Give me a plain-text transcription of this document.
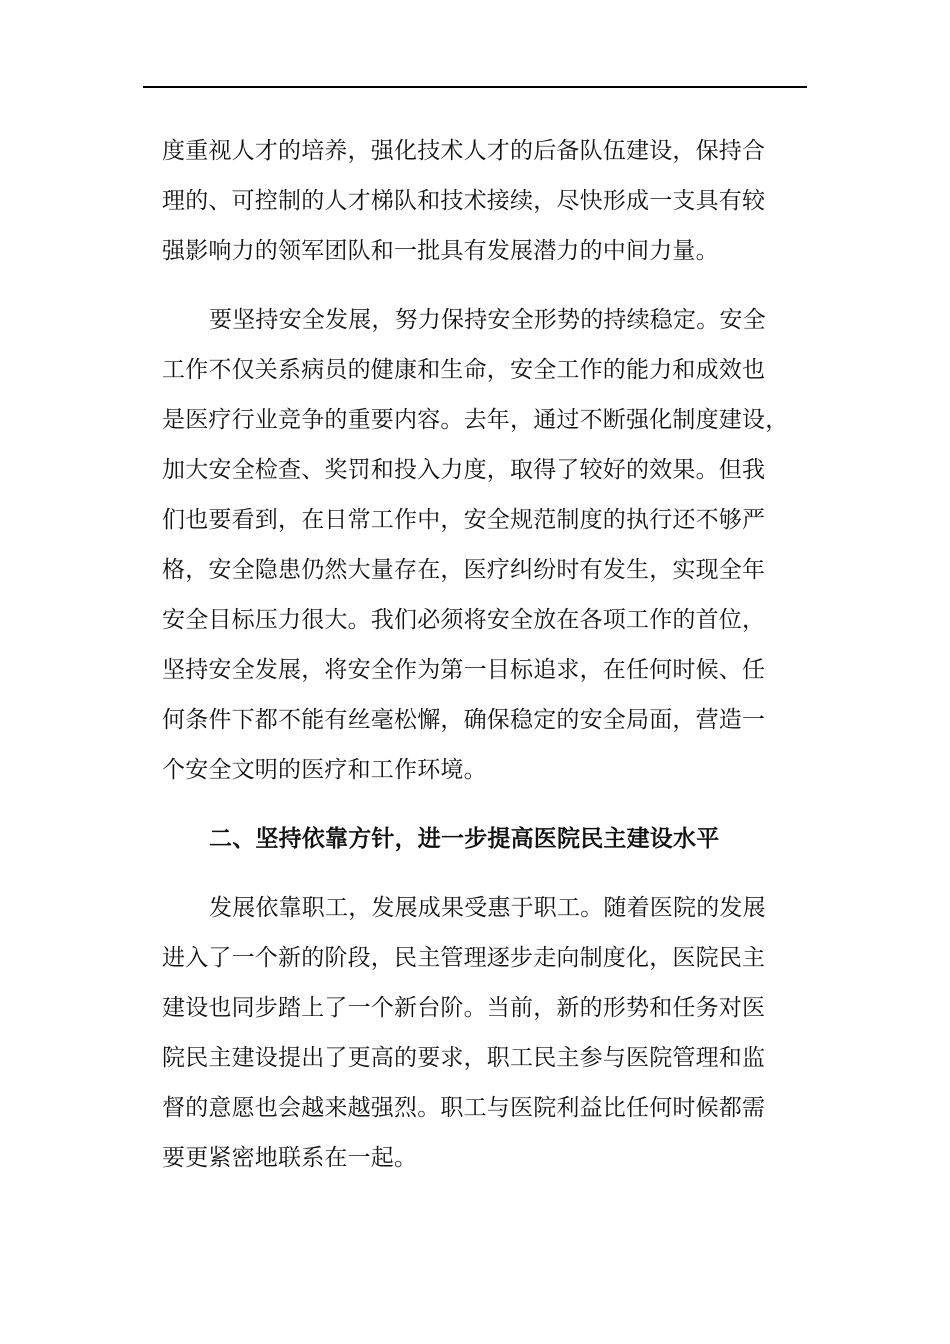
度重视人才的培养，强化技术人才的后备队伍建设，保持合
理的、可控制的人才梯队和技术接续，尽快形成一支具有较
强影响力的领军团队和一批具有发展潜力的中间力量。
要坚持安全发展，努力保持安全形势的持续稳定。安全
工作不仅关系病员的健康和生命，安全工作的能力和成效也
是医疗行业竞争的重要内容。去年，通过不断强化制度建设，
加大安全检查、奖罚和投入力度，取得了较好的效果。但我
们也要看到，在日常工作中，安全规范制度的执行还不够严
格，安全隐患仍然大量存在，医疗纠纷时有发生，实现全年
安全目标压力很大。我们必须将安全放在各项工作的首位，
坚持安全发展，将安全作为第一目标追求，在任何时候、任
何条件下都不能有丝毫松懈，确保稳定的安全局面，营造一
个安全文明的医疗和工作环境。
二、坚持依靠方针，进一步提高医院民主建设水平
发展依靠职工，发展成果受惠于职工。随着医院的发展
进入了一个新的阶段，民主管理逐步走向制度化，医院民主
建设也同步踏上了一个新台阶。当前，新的形势和任务对医
院民主建设提出了更高的要求，职工民主参与医院管理和监
督的意愿也会越来越强烈。职工与医院利益比任何时候都需
要更紧密地联系在一起。
